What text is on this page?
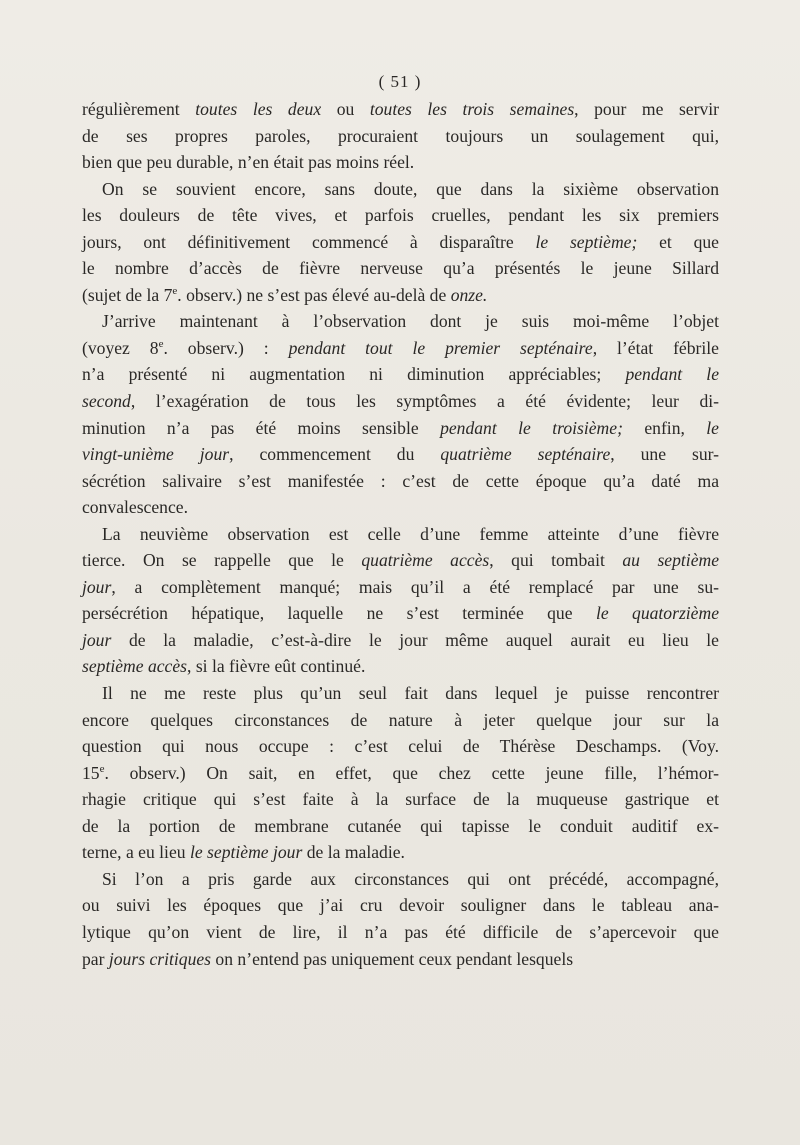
( 51 )
régulièrement toutes les deux ou toutes les trois semaines, pour me servir
de ses propres paroles, procuraient toujours un soulagement qui,
bien que peu durable, n’en était pas moins réel.
On se souvient encore, sans doute, que dans la sixième observation
les douleurs de tête vives, et parfois cruelles, pendant les six premiers
jours, ont définitivement commencé à disparaître le septième; et que
le nombre d’accès de fièvre nerveuse qu’a présentés le jeune Sillard
(sujet de la 7e. observ.) ne s’est pas élevé au-delà de onze.
J’arrive maintenant à l’observation dont je suis moi-même l’objet
(voyez 8e. observ.) : pendant tout le premier septénaire, l’état fébrile
n’a présenté ni augmentation ni diminution appréciables; pendant le
second, l’exagération de tous les symptômes a été évidente; leur di-
minution n’a pas été moins sensible pendant le troisième; enfin, le
vingt-unième jour, commencement du quatrième septénaire, une sur-
sécrétion salivaire s’est manifestée : c’est de cette époque qu’a daté ma
convalescence.
La neuvième observation est celle d’une femme atteinte d’une fièvre
tierce. On se rappelle que le quatrième accès, qui tombait au septième
jour, a complètement manqué; mais qu’il a été remplacé par une su-
persécrétion hépatique, laquelle ne s’est terminée que le quatorzième
jour de la maladie, c’est-à-dire le jour même auquel aurait eu lieu le
septième accès, si la fièvre eût continué.
Il ne me reste plus qu’un seul fait dans lequel je puisse rencontrer
encore quelques circonstances de nature à jeter quelque jour sur la
question qui nous occupe : c’est celui de Thérèse Deschamps. (Voy.
15e. observ.) On sait, en effet, que chez cette jeune fille, l’hémor-
rhagie critique qui s’est faite à la surface de la muqueuse gastrique et
de la portion de membrane cutanée qui tapisse le conduit auditif ex-
terne, a eu lieu le septième jour de la maladie.
Si l’on a pris garde aux circonstances qui ont précédé, accompagné,
ou suivi les époques que j’ai cru devoir souligner dans le tableau ana-
lytique qu’on vient de lire, il n’a pas été difficile de s’apercevoir que
par jours critiques on n’entend pas uniquement ceux pendant lesquels
